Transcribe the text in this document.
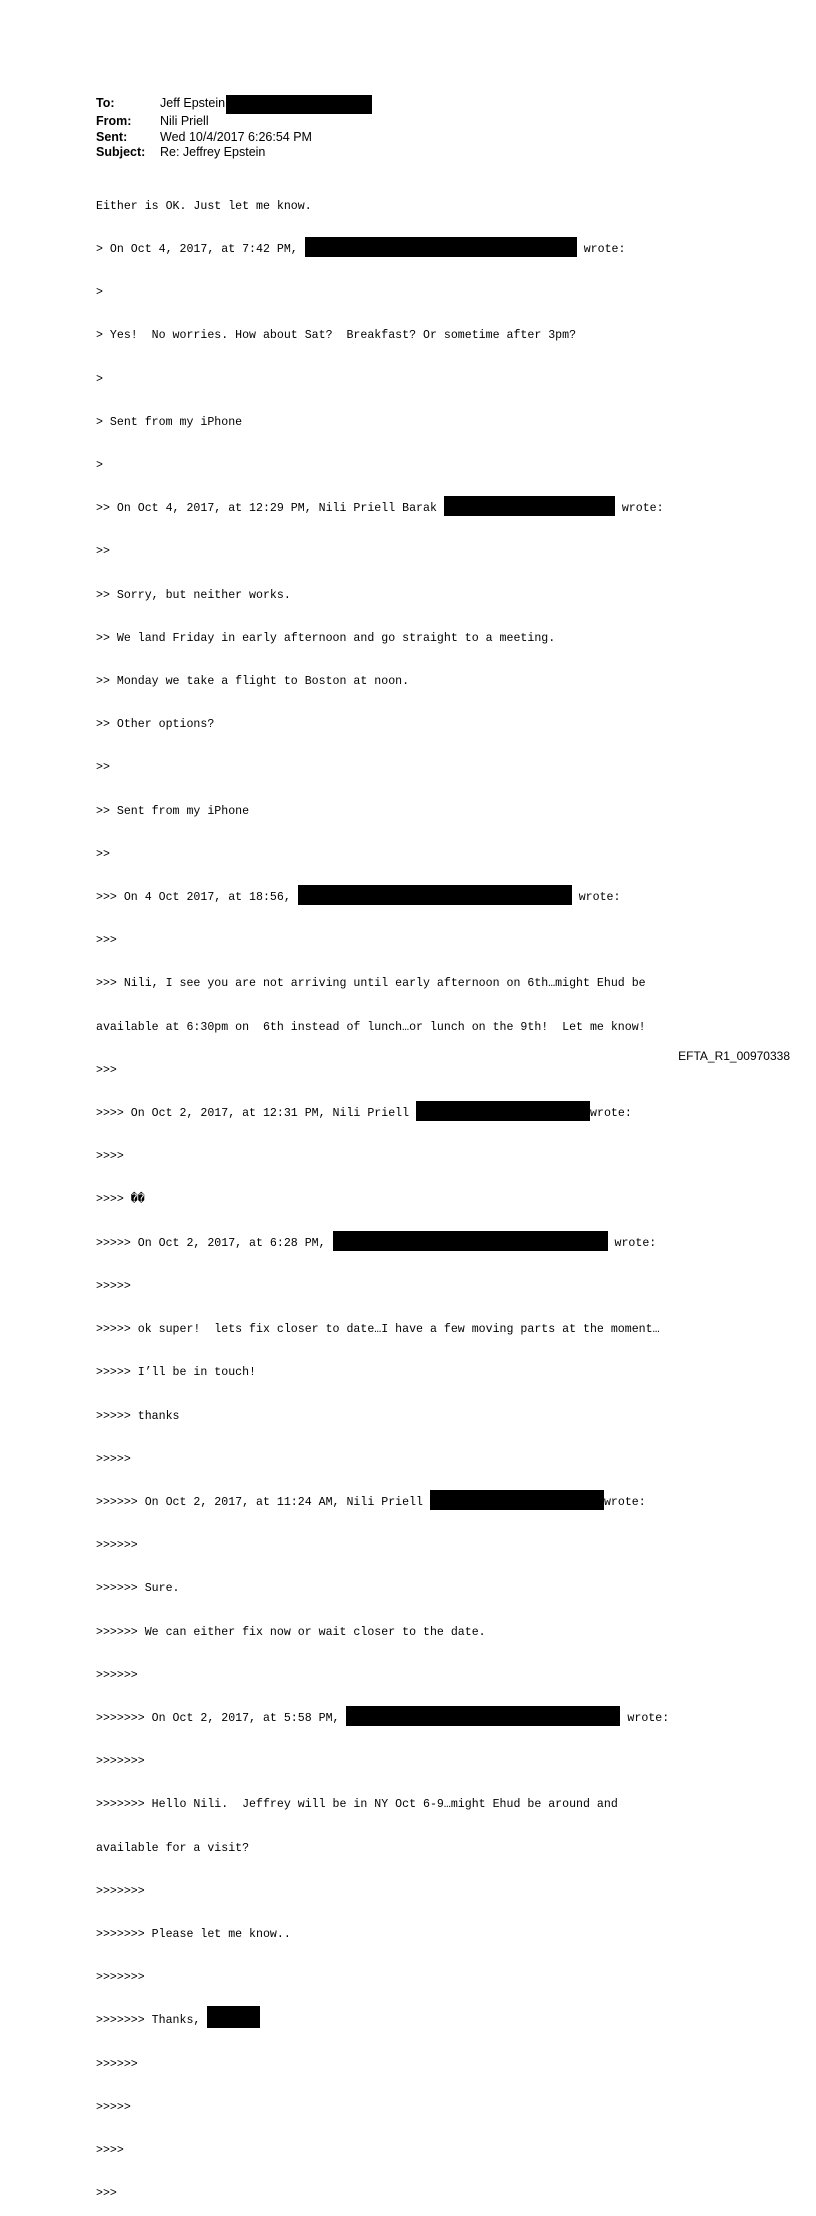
To:	Jeff Epstein
From:	Nili Priell
Sent:	Wed 10/4/2017 6:26:54 PM
Subject:	Re: Jeffrey Epstein

Either is OK. Just let me know.

> On Oct 4, 2017, at 7:42 PM,	wrote:

>

> Yes!  No worries. How about Sat?  Breakfast? Or sometime after 3pm?

>

> Sent from my iPhone

>

>> On Oct 4, 2017, at 12:29 PM, Nili Priell Barak	wrote:

>>

>> Sorry, but neither works.

>> We land Friday in early afternoon and go straight to a meeting.

>> Monday we take a flight to Boston at noon.

>> Other options?

>>

>> Sent from my iPhone

>>

>>> On 4 Oct 2017, at 18:56,	wrote:

>>>

>>> Nili, I see you are not arriving until early afternoon on 6th…might Ehud be

available at 6:30pm on  6th instead of lunch…or lunch on the 9th!  Let me know!

>>>

>>>> On Oct 2, 2017, at 12:31 PM, Nili Priell	wrote:

>>>>

>>>> ��

>>>>> On Oct 2, 2017, at 6:28 PM,	wrote:

>>>>>

>>>>> ok super!  lets fix closer to date…I have a few moving parts at the moment…

>>>>> I’ll be in touch!

>>>>> thanks

>>>>>

>>>>>> On Oct 2, 2017, at 11:24 AM, Nili Priell	wrote:

>>>>>>

>>>>>> Sure.

>>>>>> We can either fix now or wait closer to the date.

>>>>>>

>>>>>>> On Oct 2, 2017, at 5:58 PM,	wrote:

>>>>>>>

>>>>>>> Hello Nili.  Jeffrey will be in NY Oct 6-9…might Ehud be around and

available for a visit?

>>>>>>>

>>>>>>> Please let me know..

>>>>>>>

>>>>>>> Thanks,

>>>>>>

>>>>>

>>>>

>>>

EFTA_R1_00970338
